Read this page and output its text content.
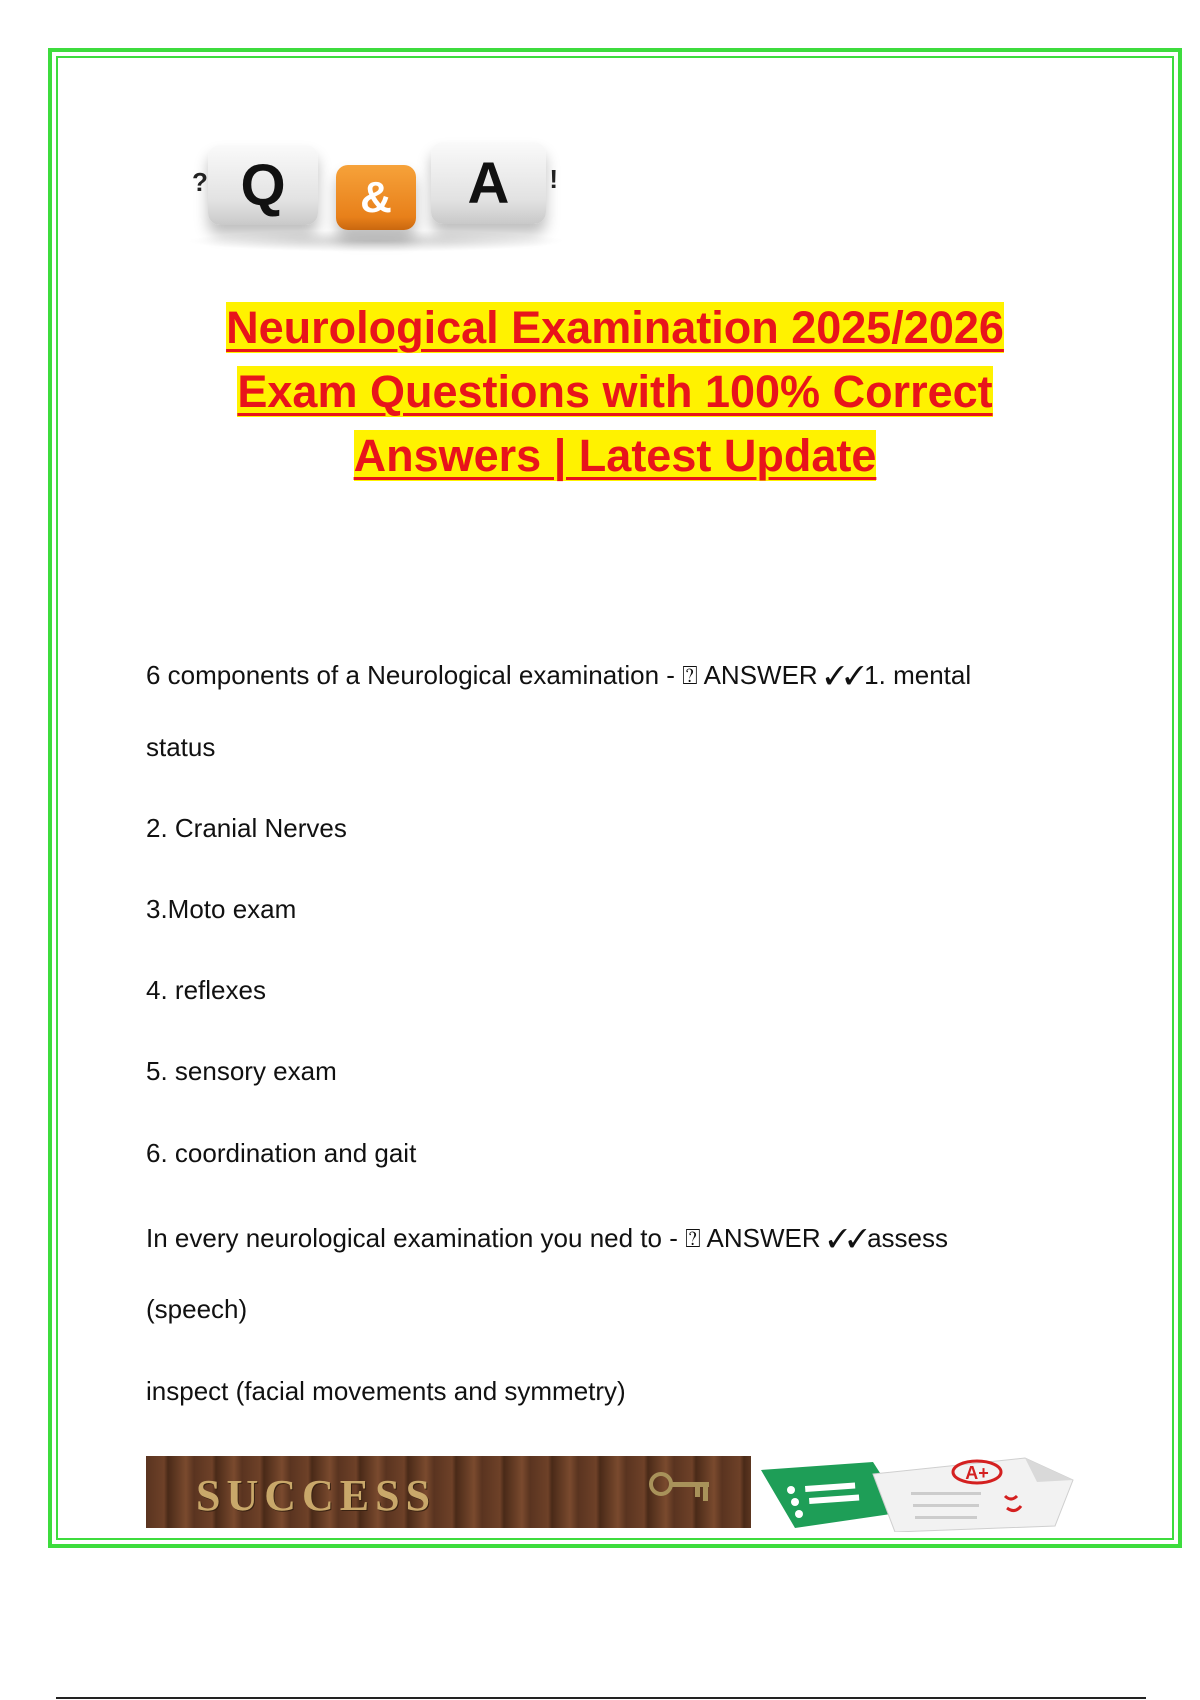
? Q & A !
Neurological Examination 2025/2026
Exam Questions with 100% Correct
Answers | Latest Update
6 components of a Neurological examination - ⍰ ANSWER ✓✓1. mental
status
2. Cranial Nerves
3.Moto exam
4. reflexes
5. sensory exam
6. coordination and gait
In every neurological examination you ned to - ⍰ ANSWER ✓✓assess
(speech)
inspect (facial movements and symmetry)
SUCCESS	A+
